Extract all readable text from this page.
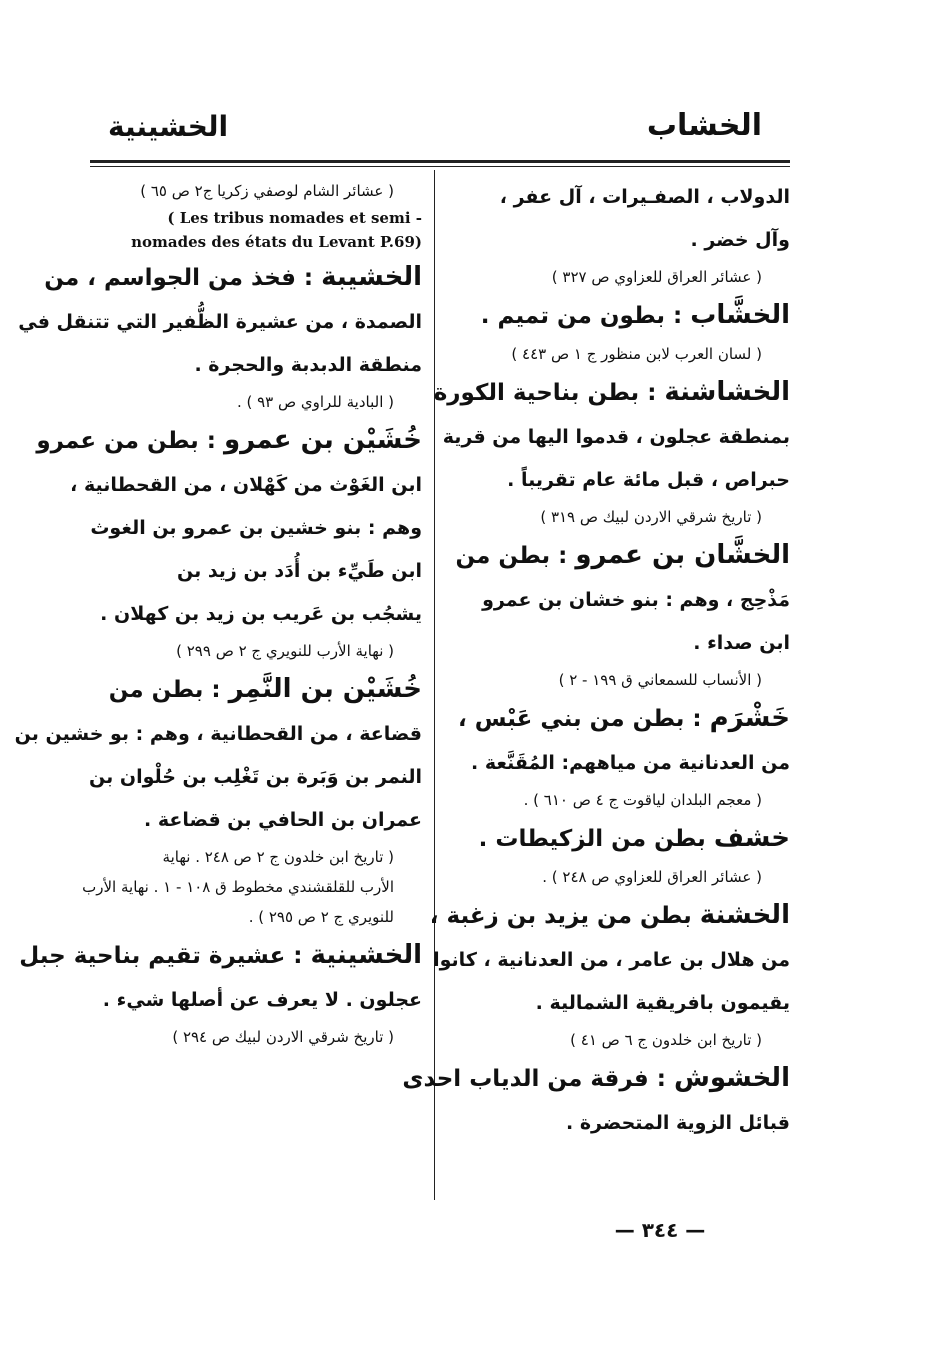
الخشاب
الخشينية
الدولاب ، الصفـيرات ، آل عفر ،
وآل خضر .
( عشائر العراق للعزاوي ص ٣٢٧ )
الخشَّاب : بطون من تميم .
( لسان العرب لابن منظور ج ١ ص ٤٤٣ )
الخشاشنة : بطن بناحية الكورة
بمنطقة عجلون ، قدموا اليها من قرية
حبراص ، قبل مائة عام تقريباً .
( تاريخ شرقي الاردن لبيك ص ٣١٩ )
الخشَّان بن عمرو : بطن من
مَذْحِج ، وهم : بنو خشان بن عمرو
ابن صداء .
( الأنساب للسمعاني ق ١٩٩ - ٢ )
خَشْرَم : بطن من بني عَبْس ،
من العدنانية من مياههم: المُقَنَّعة .
( معجم البلدان لياقوت ج ٤ ص ٦١٠ ) .
خشف بطن من الزكيطات .
( عشائر العراق للعزاوي ص ٢٤٨ ) .
الخشنة بطن من يزيد بن زغبة ،
من هلال بن عامر ، من العدنانية ، كانوا
يقيمون بافريقية الشمالية .
( تاريخ ابن خلدون ج ٦ ص ٤١ )
الخشوش : فرقة من الدياب احدى
قبائل الزوية المتحضرة .
( عشائر الشام لوصفي زكريا ج٢ ص ٦٥ )
( Les tribus nomades et semi -
nomades des états du Levant P.69)
الخشيبة : فخذ من الجواسم ، من
الصمدة ، من عشيرة الظُّفير التي تتنقل في
منطقة الدبدبة والحجرة .
( البادية للراوي ص ٩٣ ) .
خُشَيْن بن عمرو : بطن من عمرو
ابن الغَوْث من كَهْلان ، من القحطانية ،
وهم : بنو خشين بن عمرو بن الغوث
ابن طَيِّء بن أُدَد بن زيد بن
يشجُب بن عَريب بن زيد بن كهلان .
( نهاية الأرب للنويري ج ٢ ص ٢٩٩ )
خُشَيْن بن النَّمِر : بطن من
قضاعة ، من القحطانية ، وهم : بو خشين بن
النمر بن وَبَرة بن تَغْلِب بن حُلْوان بن
عمران بن الحافي بن قضاعة .
( تاريخ ابن خلدون ج ٢ ص ٢٤٨ . نهاية
الأرب للقلقشندي مخطوط ق ١٠٨ - ١ . نهاية الأرب
للنويري ج ٢ ص ٢٩٥ ) .
الخشينية : عشيرة تقيم بناحية جبل
عجلون . لا يعرف عن أصلها شيء .
( تاريخ شرقي الاردن لبيك ص ٢٩٤ )
— ٣٤٤ —
